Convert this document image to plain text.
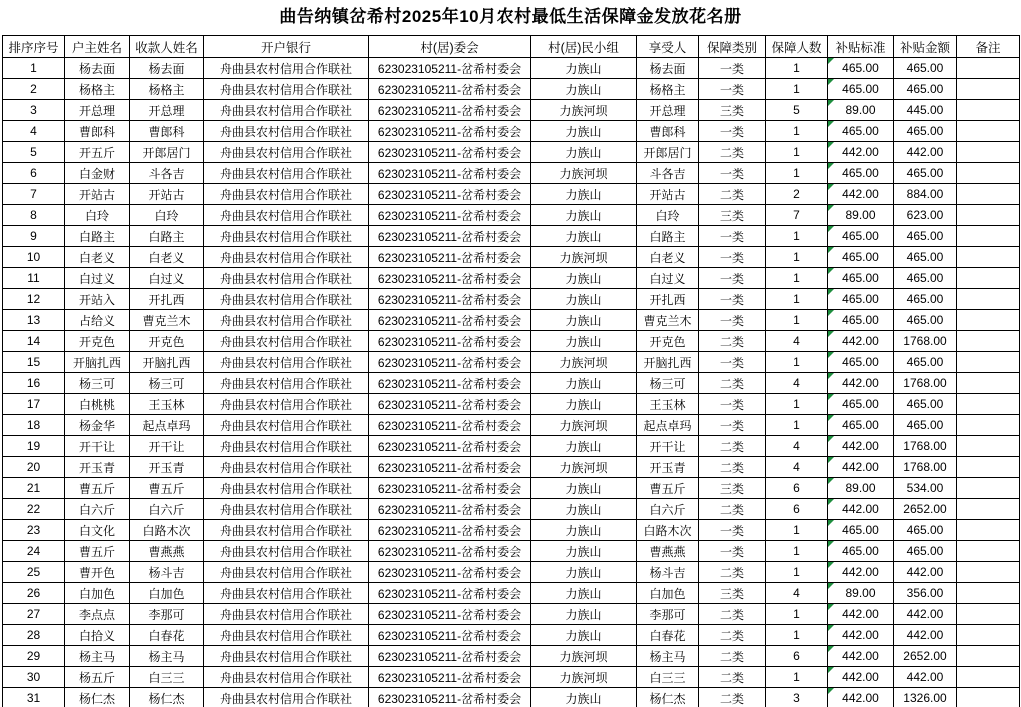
曲告纳镇岔希村2025年10月农村最低生活保障金发放花名册
排序序号	户主姓名	收款人姓名	开户银行	村(居)委会	村(居)民小组	享受人	保障类别	保障人数	补贴标准	补贴金额	备注
1	杨去面	杨去面	舟曲县农村信用合作联社	623023105211-岔希村委会	力族山	杨去面	一类	1	465.00	465.00	
2	杨格主	杨格主	舟曲县农村信用合作联社	623023105211-岔希村委会	力族山	杨格主	一类	1	465.00	465.00	
3	开总理	开总理	舟曲县农村信用合作联社	623023105211-岔希村委会	力族河坝	开总理	三类	5	89.00	445.00	
4	曹郎科	曹郎科	舟曲县农村信用合作联社	623023105211-岔希村委会	力族山	曹郎科	一类	1	465.00	465.00	
5	开五斤	开郎居门	舟曲县农村信用合作联社	623023105211-岔希村委会	力族山	开郎居门	二类	1	442.00	442.00	
6	白金财	斗各吉	舟曲县农村信用合作联社	623023105211-岔希村委会	力族河坝	斗各吉	一类	1	465.00	465.00	
7	开站古	开站古	舟曲县农村信用合作联社	623023105211-岔希村委会	力族山	开站古	二类	2	442.00	884.00	
8	白玲	白玲	舟曲县农村信用合作联社	623023105211-岔希村委会	力族山	白玲	三类	7	89.00	623.00	
9	白路主	白路主	舟曲县农村信用合作联社	623023105211-岔希村委会	力族山	白路主	一类	1	465.00	465.00	
10	白老义	白老义	舟曲县农村信用合作联社	623023105211-岔希村委会	力族河坝	白老义	一类	1	465.00	465.00	
11	白过义	白过义	舟曲县农村信用合作联社	623023105211-岔希村委会	力族山	白过义	一类	1	465.00	465.00	
12	开站入	开扎西	舟曲县农村信用合作联社	623023105211-岔希村委会	力族山	开扎西	一类	1	465.00	465.00	
13	占给义	曹克兰木	舟曲县农村信用合作联社	623023105211-岔希村委会	力族山	曹克兰木	一类	1	465.00	465.00	
14	开克色	开克色	舟曲县农村信用合作联社	623023105211-岔希村委会	力族山	开克色	二类	4	442.00	1768.00	
15	开脑扎西	开脑扎西	舟曲县农村信用合作联社	623023105211-岔希村委会	力族河坝	开脑扎西	一类	1	465.00	465.00	
16	杨三可	杨三可	舟曲县农村信用合作联社	623023105211-岔希村委会	力族山	杨三可	二类	4	442.00	1768.00	
17	白桃桃	王玉林	舟曲县农村信用合作联社	623023105211-岔希村委会	力族山	王玉林	一类	1	465.00	465.00	
18	杨金华	起点卓玛	舟曲县农村信用合作联社	623023105211-岔希村委会	力族河坝	起点卓玛	一类	1	465.00	465.00	
19	开干让	开干让	舟曲县农村信用合作联社	623023105211-岔希村委会	力族山	开干让	二类	4	442.00	1768.00	
20	开玉青	开玉青	舟曲县农村信用合作联社	623023105211-岔希村委会	力族河坝	开玉青	二类	4	442.00	1768.00	
21	曹五斤	曹五斤	舟曲县农村信用合作联社	623023105211-岔希村委会	力族山	曹五斤	三类	6	89.00	534.00	
22	白六斤	白六斤	舟曲县农村信用合作联社	623023105211-岔希村委会	力族山	白六斤	二类	6	442.00	2652.00	
23	白文化	白路木次	舟曲县农村信用合作联社	623023105211-岔希村委会	力族山	白路木次	一类	1	465.00	465.00	
24	曹五斤	曹燕燕	舟曲县农村信用合作联社	623023105211-岔希村委会	力族山	曹燕燕	一类	1	465.00	465.00	
25	曹开色	杨斗吉	舟曲县农村信用合作联社	623023105211-岔希村委会	力族山	杨斗吉	二类	1	442.00	442.00	
26	白加色	白加色	舟曲县农村信用合作联社	623023105211-岔希村委会	力族山	白加色	三类	4	89.00	356.00	
27	李点点	李那可	舟曲县农村信用合作联社	623023105211-岔希村委会	力族山	李那可	二类	1	442.00	442.00	
28	白拾义	白春花	舟曲县农村信用合作联社	623023105211-岔希村委会	力族山	白春花	二类	1	442.00	442.00	
29	杨主马	杨主马	舟曲县农村信用合作联社	623023105211-岔希村委会	力族河坝	杨主马	二类	6	442.00	2652.00	
30	杨五斤	白三三	舟曲县农村信用合作联社	623023105211-岔希村委会	力族河坝	白三三	二类	1	442.00	442.00	
31	杨仁杰	杨仁杰	舟曲县农村信用合作联社	623023105211-岔希村委会	力族山	杨仁杰	二类	3	442.00	1326.00	
